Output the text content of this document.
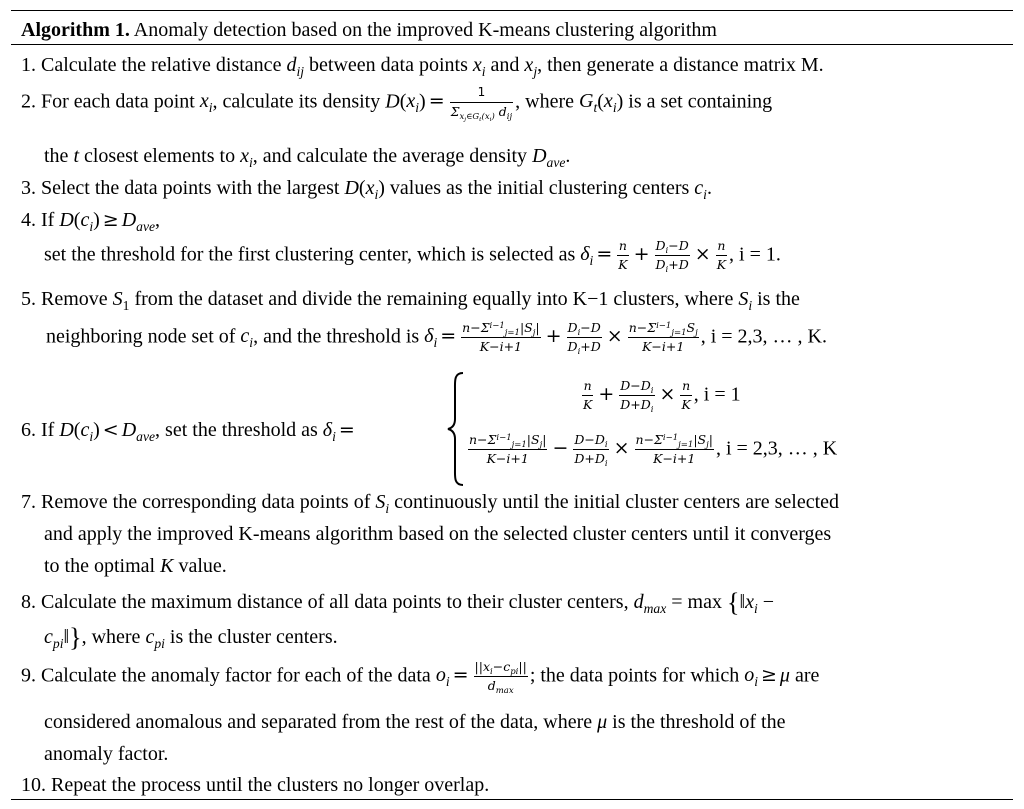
Algorithm 1. Anomaly detection based on the improved K-means clustering algorithm
1. Calculate the relative distance $d_{ij}$ between data points $x_i$ and $x_j$, then generate a distance matrix M.
2. For each data point $x_i$, calculate its density $D(x_i) = \frac{1}{\Sigma_{x_j\in G_t(x_i)} d_{ij}}$ , where $G_t(x_i)$ is a set containing
the t closest elements to $x_i$, and calculate the average density $D_{ave}$.
3. Select the data points with the largest $D(x_i)$ values as the initial clustering centers $c_i$.
4. If $D(c_i) \ge D_{ave}$,
set the threshold for the first clustering center, which is selected as $\delta_i = \frac{n}{K} + \frac{D_i-D}{D_i+D} \times \frac{n}{K}$ , i = 1.
5. Remove $S_1$ from the dataset and divide the remaining equally into K−1 clusters, where $S_i$ is the
neighboring node set of $c_i$, and the threshold is $\delta_i = \frac{n-\Sigma^{i-1}_{j=1}|S_j|}{K-i+1} + \frac{D_i-D}{D_i+D} \times \frac{n-\Sigma^{i-1}_{j=1}S_j}{K-i+1}$ , i = 2,3, … , K.
6. If $D(c_i) < D_{ave}$, set the threshold as $\delta_i$ =
$\frac{n}{K} + \frac{D-D_i}{D+D_i} \times \frac{n}{K}$ , i = 1
$\frac{n-\Sigma^{i-1}_{j=1}|S_j|}{K-i+1} - \frac{D-D_i}{D+D_i} \times \frac{n-\Sigma^{i-1}_{j=1}|S_j|}{K-i+1}$ , i = 2,3, … , K
7. Remove the corresponding data points of $S_i$ continuously until the initial cluster centers are selected
and apply the improved K-means algorithm based on the selected cluster centers until it converges
to the optimal K value.
8. Calculate the maximum distance of all data points to their cluster centers, $d_{max} = \max$ {$‖x_i$ −
$c_{pi}‖$}, where $c_{pi}$ is the cluster centers.
9. Calculate the anomaly factor for each of the data $o_i = \frac{||x_i-c_{pi}||}{d_{max}}$ ; the data points for which $o_i \ge \mu$ are
considered anomalous and separated from the rest of the data, where μ is the threshold of the
anomaly factor.
10. Repeat the process until the clusters no longer overlap.
